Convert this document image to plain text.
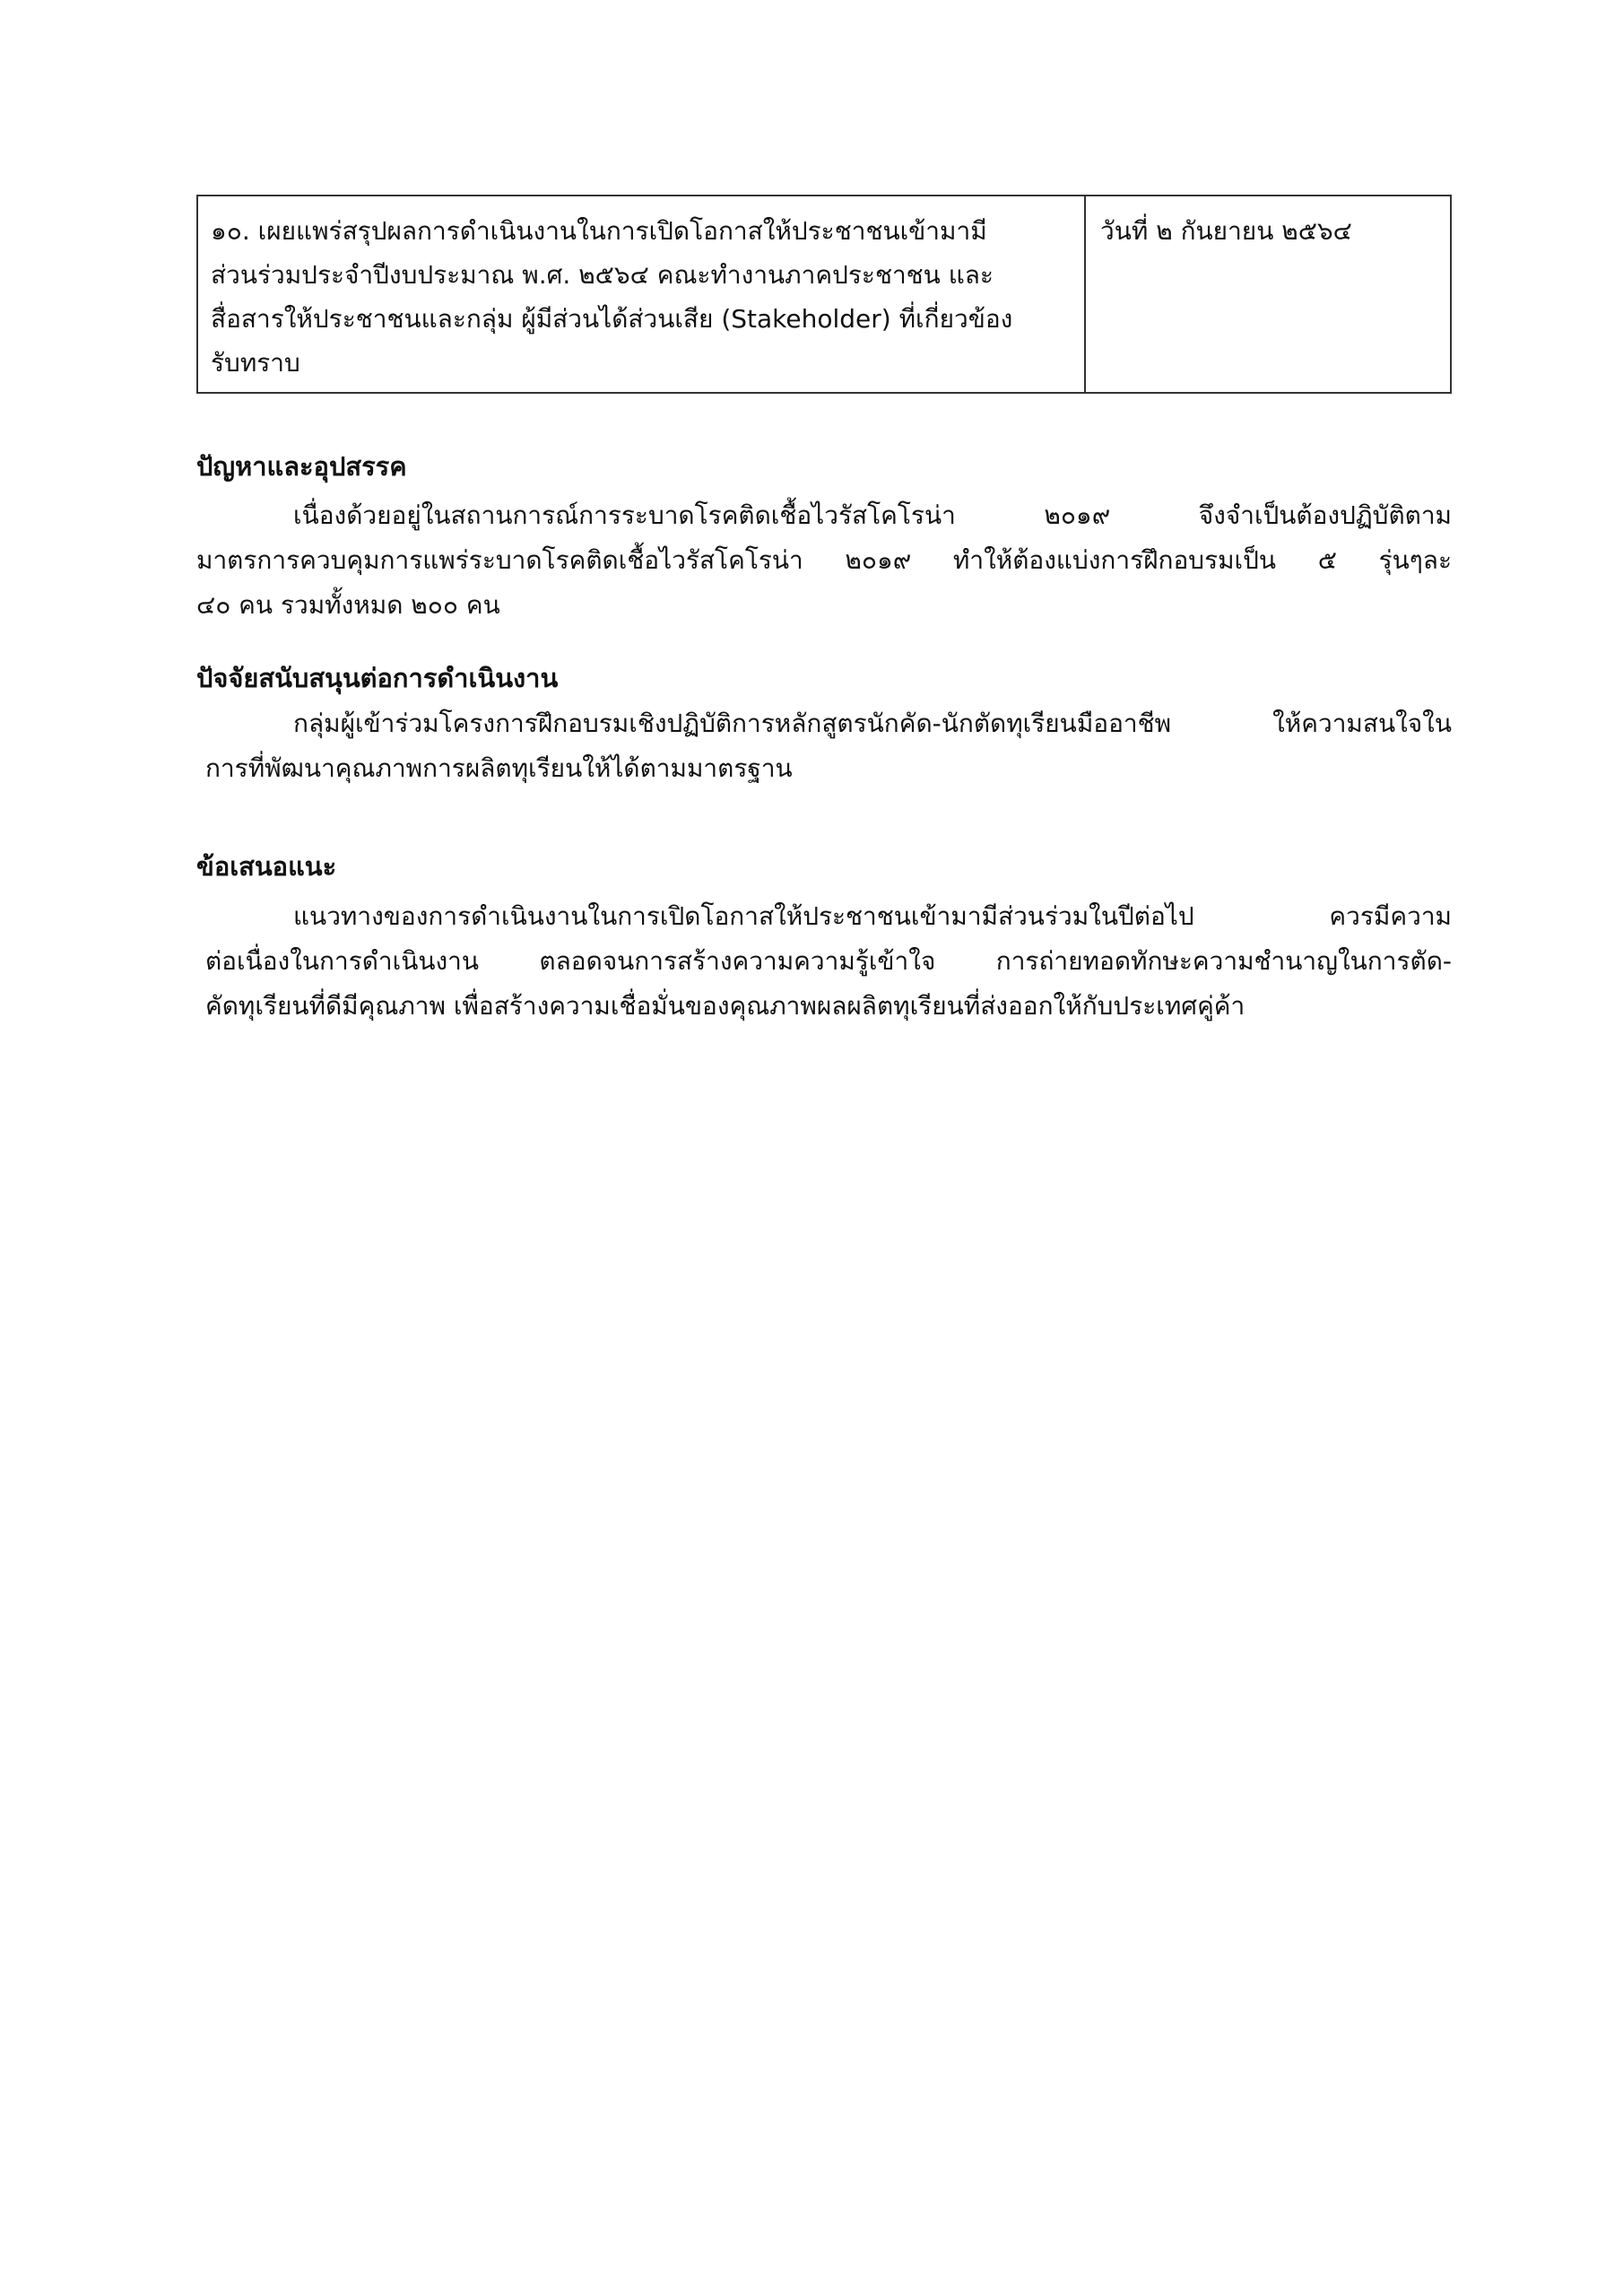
๑๐. เผยแพร่สรุปผลการดำเนินงานในการเปิดโอกาสให้ประชาชนเข้ามามี
ส่วนร่วมประจำปีงบประมาณ พ.ศ. ๒๕๖๔ คณะทำงานภาคประชาชน และ
สื่อสารให้ประชาชนและกลุ่ม ผู้มีส่วนได้ส่วนเสีย (Stakeholder) ที่เกี่ยวข้อง
รับทราบ
วันที่ ๒ กันยายน ๒๕๖๔
ปัญหาและอุปสรรค
เนื่องด้วยอยู่ในสถานการณ์การระบาดโรคติดเชื้อไวรัสโคโรน่า ๒๐๑๙ จึงจำเป็นต้องปฏิบัติตาม
มาตรการควบคุมการแพร่ระบาดโรคติดเชื้อไวรัสโคโรน่า ๒๐๑๙ ทำให้ต้องแบ่งการฝึกอบรมเป็น ๕ รุ่นๆละ
๔๐ คน รวมทั้งหมด ๒๐๐ คน
ปัจจัยสนับสนุนต่อการดำเนินงาน
กลุ่มผู้เข้าร่วมโครงการฝึกอบรมเชิงปฏิบัติการหลักสูตรนักคัด-นักตัดทุเรียนมืออาชีพ ให้ความสนใจใน
การที่พัฒนาคุณภาพการผลิตทุเรียนให้ได้ตามมาตรฐาน
ข้อเสนอแนะ
แนวทางของการดำเนินงานในการเปิดโอกาสให้ประชาชนเข้ามามีส่วนร่วมในปีต่อไป ควรมีความ
ต่อเนื่องในการดำเนินงาน ตลอดจนการสร้างความความรู้เข้าใจ การถ่ายทอดทักษะความชำนาญในการตัด-
คัดทุเรียนที่ดีมีคุณภาพ เพื่อสร้างความเชื่อมั่นของคุณภาพผลผลิตทุเรียนที่ส่งออกให้กับประเทศคู่ค้า
